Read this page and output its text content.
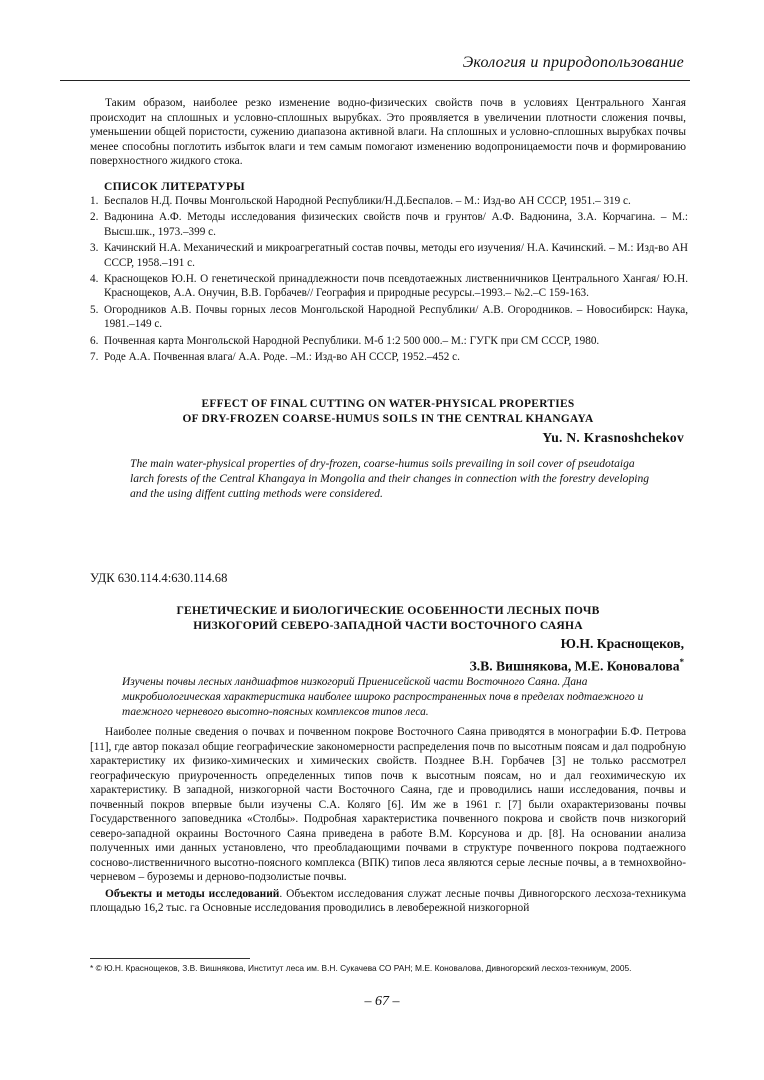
Экология и природопользование

Таким образом, наиболее резко изменение водно-физических свойств почв в условиях Центрального Хангая происходит на сплошных и условно-сплошных вырубках. Это проявляется в увеличении плотности сложения почвы, уменьшении общей пористости, сужению диапазона активной влаги. На сплошных и условно-сплошных вырубках почвы менее способны поглотить избыток влаги и тем самым помогают изменению водопроницаемости почв и формированию поверхностного жидкого стока.

СПИСОК ЛИТЕРАТУРЫ
1. Беспалов Н.Д. Почвы Монгольской Народной Республики/Н.Д.Беспалов. – М.: Изд-во АН СССР, 1951.– 319 с.
2. Вадюнина А.Ф. Методы исследования физических свойств почв и грунтов/ А.Ф. Вадюнина, З.А. Корчагина. – М.: Высш.шк., 1973.–399 с.
3. Качинский Н.А. Механический и микроагрегатный состав почвы, методы его изучения/ Н.А. Качинский. – М.: Изд-во АН СССР, 1958.–191 с.
4. Краснощеков Ю.Н. О генетической принадлежности почв псевдотаежных лиственничников Центрального Хангая/ Ю.Н. Краснощеков, А.А. Онучин, В.В. Горбачев// География и природные ресурсы.–1993.– №2.–С 159-163.
5. Огородников А.В. Почвы горных лесов Монгольской Народной Республики/ А.В. Огородников. – Новосибирск: Наука, 1981.–149 с.
6. Почвенная карта Монгольской Народной Республики. М-б 1:2 500 000.– М.: ГУГК при СМ СССР, 1980.
7. Роде А.А. Почвенная влага/ А.А. Роде. –М.: Изд-во АН СССР, 1952.–452 с.
EFFECT OF FINAL CUTTING ON WATER-PHYSICAL PROPERTIES
OF DRY-FROZEN COARSE-HUMUS SOILS IN THE CENTRAL KHANGAYA
Yu. N. Krasnoshchekov
The main water-physical properties of dry-frozen, coarse-humus soils prevailing in soil cover of pseudotaiga larch forests of the Central Khangaya in Mongolia and their changes in connection with the forestry developing and the using diffent cutting methods were considered.
УДК 630.114.4:630.114.68
ГЕНЕТИЧЕСКИЕ И БИОЛОГИЧЕСКИЕ ОСОБЕННОСТИ ЛЕСНЫХ ПОЧВ
НИЗКОГОРИЙ СЕВЕРО-ЗАПАДНОЙ ЧАСТИ ВОСТОЧНОГО САЯНА
Ю.Н. Краснощеков,
З.В. Вишнякова, М.Е. Коновалова*
Изучены почвы лесных ландшафтов низкогорий Приенисейской части Восточного Саяна. Дана микробиологическая характеристика наиболее широко распространенных почв в пределах подтаежного и таежного черневого высотно-поясных комплексов типов леса.

Наиболее полные сведения о почвах и почвенном покрове Восточного Саяна приводятся в монографии Б.Ф. Петрова [11], где автор показал общие географические закономерности распределения почв по высотным поясам и дал подробную характеристику их физико-химических и химических свойств. Позднее В.Н. Горбачев [3] не только рассмотрел географическую приуроченность определенных типов почв к высотным поясам, но и дал геохимическую их характеристику. В западной, низкогорной части Восточного Саяна, где и проводились наши исследования, почвы и почвенный покров впервые были изучены С.А. Коляго [6]. Им же в 1961 г. [7] были охарактеризованы почвы Государственного заповедника «Столбы». Подробная характеристика почвенного покрова и свойств почв низкогорий северо-западной окраины Восточного Саяна приведена в работе В.М. Корсунова и др. [8]. На основании анализа полученных ими данных установлено, что преобладающими почвами в структуре почвенного покрова подтаежного сосново-лиственничного высотно-поясного комплекса (ВПК) типов леса являются серые лесные почвы, а в темнохвойно-черневом – буроземы и дерново-подзолистые почвы.

Объекты и методы исследований. Объектом исследования служат лесные почвы Дивногорского лесхоза-техникума площадью 16,2 тыс. га Основные исследования проводились в левобережной низкогорной

* © Ю.Н. Краснощеков, З.В. Вишнякова, Институт леса им. В.Н. Сукачева СО РАН; М.Е. Коновалова, Дивногорский лесхоз-техникум, 2005.
– 67 –
